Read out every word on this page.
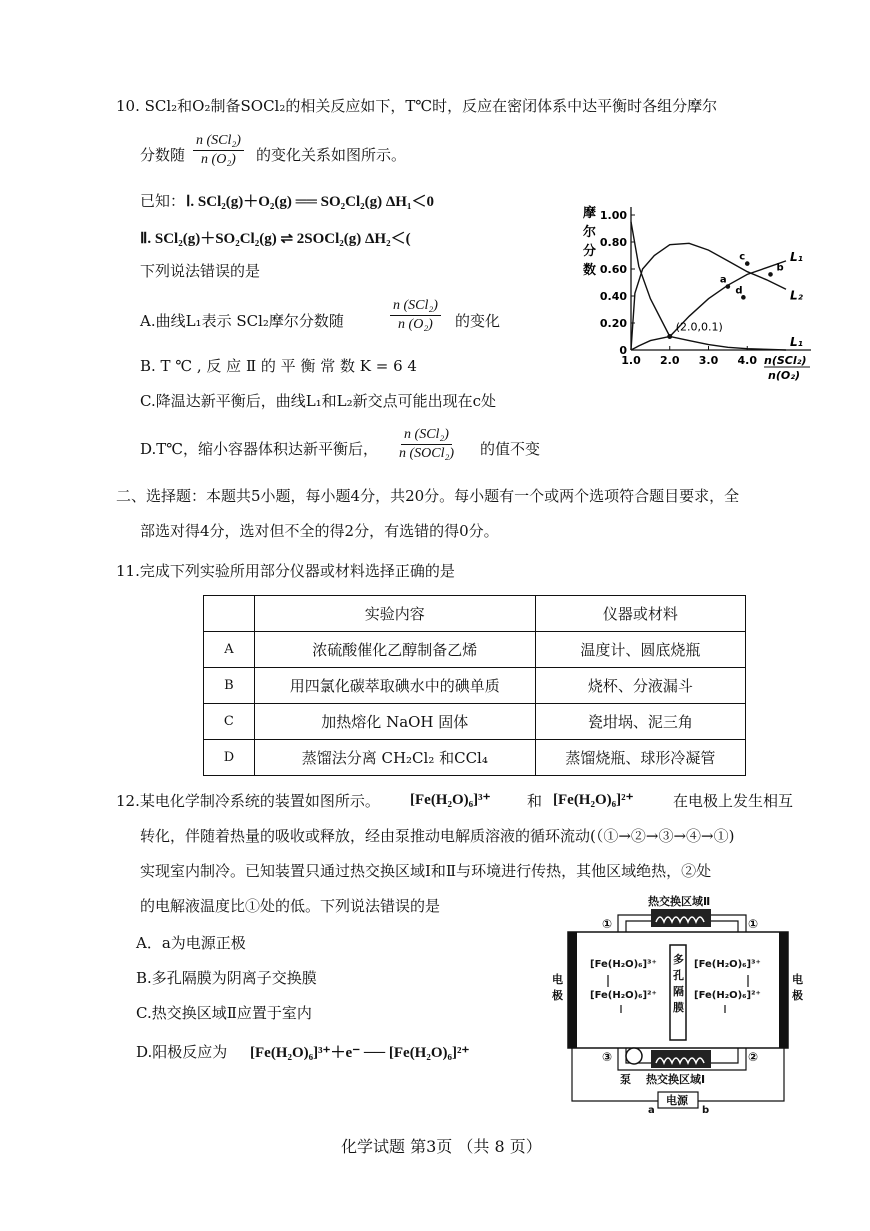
10. SCl₂和O₂制备SOCl₂的相关反应如下，T℃时，反应在密闭体系中达平衡时各组分摩尔
分数随
n (SCl₂)
n (O₂) 的变化关系如图所示。
已知： Ⅰ. SCl₂(g)＋O₂(g) ══ SO₂Cl₂(g) ΔH₁＜0
Ⅱ. SCl₂(g)＋SO₂Cl₂(g) ⇌ 2SOCl₂(g) ΔH₂＜(
下列说法错误的是
A.曲线L₁表示 SCl₂摩尔分数随
n (SCl₂)
n (O₂) 的变化
B. T ℃ , 反 应 Ⅱ 的 平 衡 常 数 K = 6 4
C.降温达新平衡后，曲线L₁和L₂新交点可能出现在c处
D.T℃，缩小容器体积达新平衡后，
n (SCl₂)
n (SOCl₂) 的值不变
0
0.20
0.40
0.60
0.80
1.00
1.0 2.0 3.0 4.0
L₁
L₁
L₂
a
b
c
d
(2.0,0.1)
n(SCl₂)
n(O₂)
摩
尔
分
数
二、选择题：本题共5小题，每小题4分，共20分。每小题有一个或两个选项符合题目要求，全
部选对得4分，选对但不全的得2分，有选错的得0分。
11.完成下列实验所用部分仪器或材料选择正确的是
	实验内容	仪器或材料
A	浓硫酸催化乙醇制备乙烯	温度计、圆底烧瓶
B	用四氯化碳萃取碘水中的碘单质	烧杯、分液漏斗
C	加热熔化 NaOH 固体	瓷坩埚、泥三角
D	蒸馏法分离 CH₂Cl₂ 和CCl₄	蒸馏烧瓶、球形冷凝管
12.某电化学制冷系统的装置如图所示。 [Fe(H₂O)₆]³⁺ 和 [Fe(H₂O)₆]²⁺	在电极上发生相互
转化，伴随着热量的吸收或释放，经由泵推动电解质溶液的循环流动(（①→②→③→④→①)
实现室内制冷。已知装置只通过热交换区域Ⅰ和Ⅱ与环境进行传热，其他区域绝热，②处
的电解液温度比①处的低。下列说法错误的是
A．a为电源正极
B.多孔隔膜为阴离子交换膜
C.热交换区域Ⅱ应置于室内
D.阳极反应为 [Fe(H₂O)₆]³⁺＋e⁻ ── [Fe(H₂O)₆]²⁺
多
孔
隔
膜
[Fe(H₂O)₆]³⁺
[Fe(H₂O)₆]²⁺
[Fe(H₂O)₆]³⁺
[Fe(H₂O)₆]²⁺
热交换区域Ⅱ
①	①
③	②
泵 热交换区域Ⅰ
电
极
电
极
电源
a	b
化学试题 第3页 （共 8 页）
